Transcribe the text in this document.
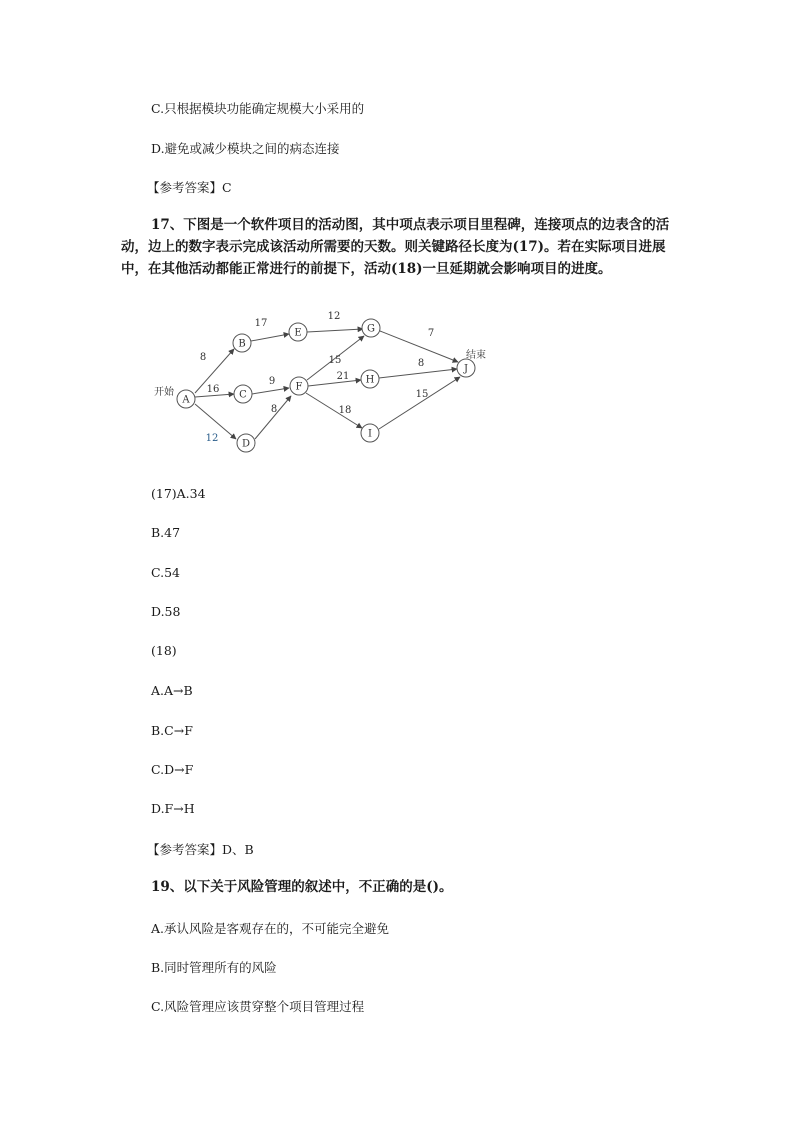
C.只根据模块功能确定规模大小采用的
D.避免或减少模块之间的病态连接
【参考答案】C
17、下图是一个软件项目的活动图，其中项点表示项目里程碑，连接项点的边表含的活动，边上的数字表示完成该活动所需要的天数。则关键路径长度为(17)。若在实际项目进展中，在其他活动都能正常进行的前提下，活动(18)一旦延期就会影响项目的进度。
A
B
C
D
E
F
G
H
I
J
开始
结束
8
16
12
17
9
8
12
15
21
18
7
8
15
(17)A.34
B.47
C.54
D.58
(18)
A.A→B
B.C→F
C.D→F
D.F→H
【参考答案】D、B
19、以下关于风险管理的叙述中，不正确的是()。
A.承认风险是客观存在的，不可能完全避免
B.同时管理所有的风险
C.风险管理应该贯穿整个项目管理过程
